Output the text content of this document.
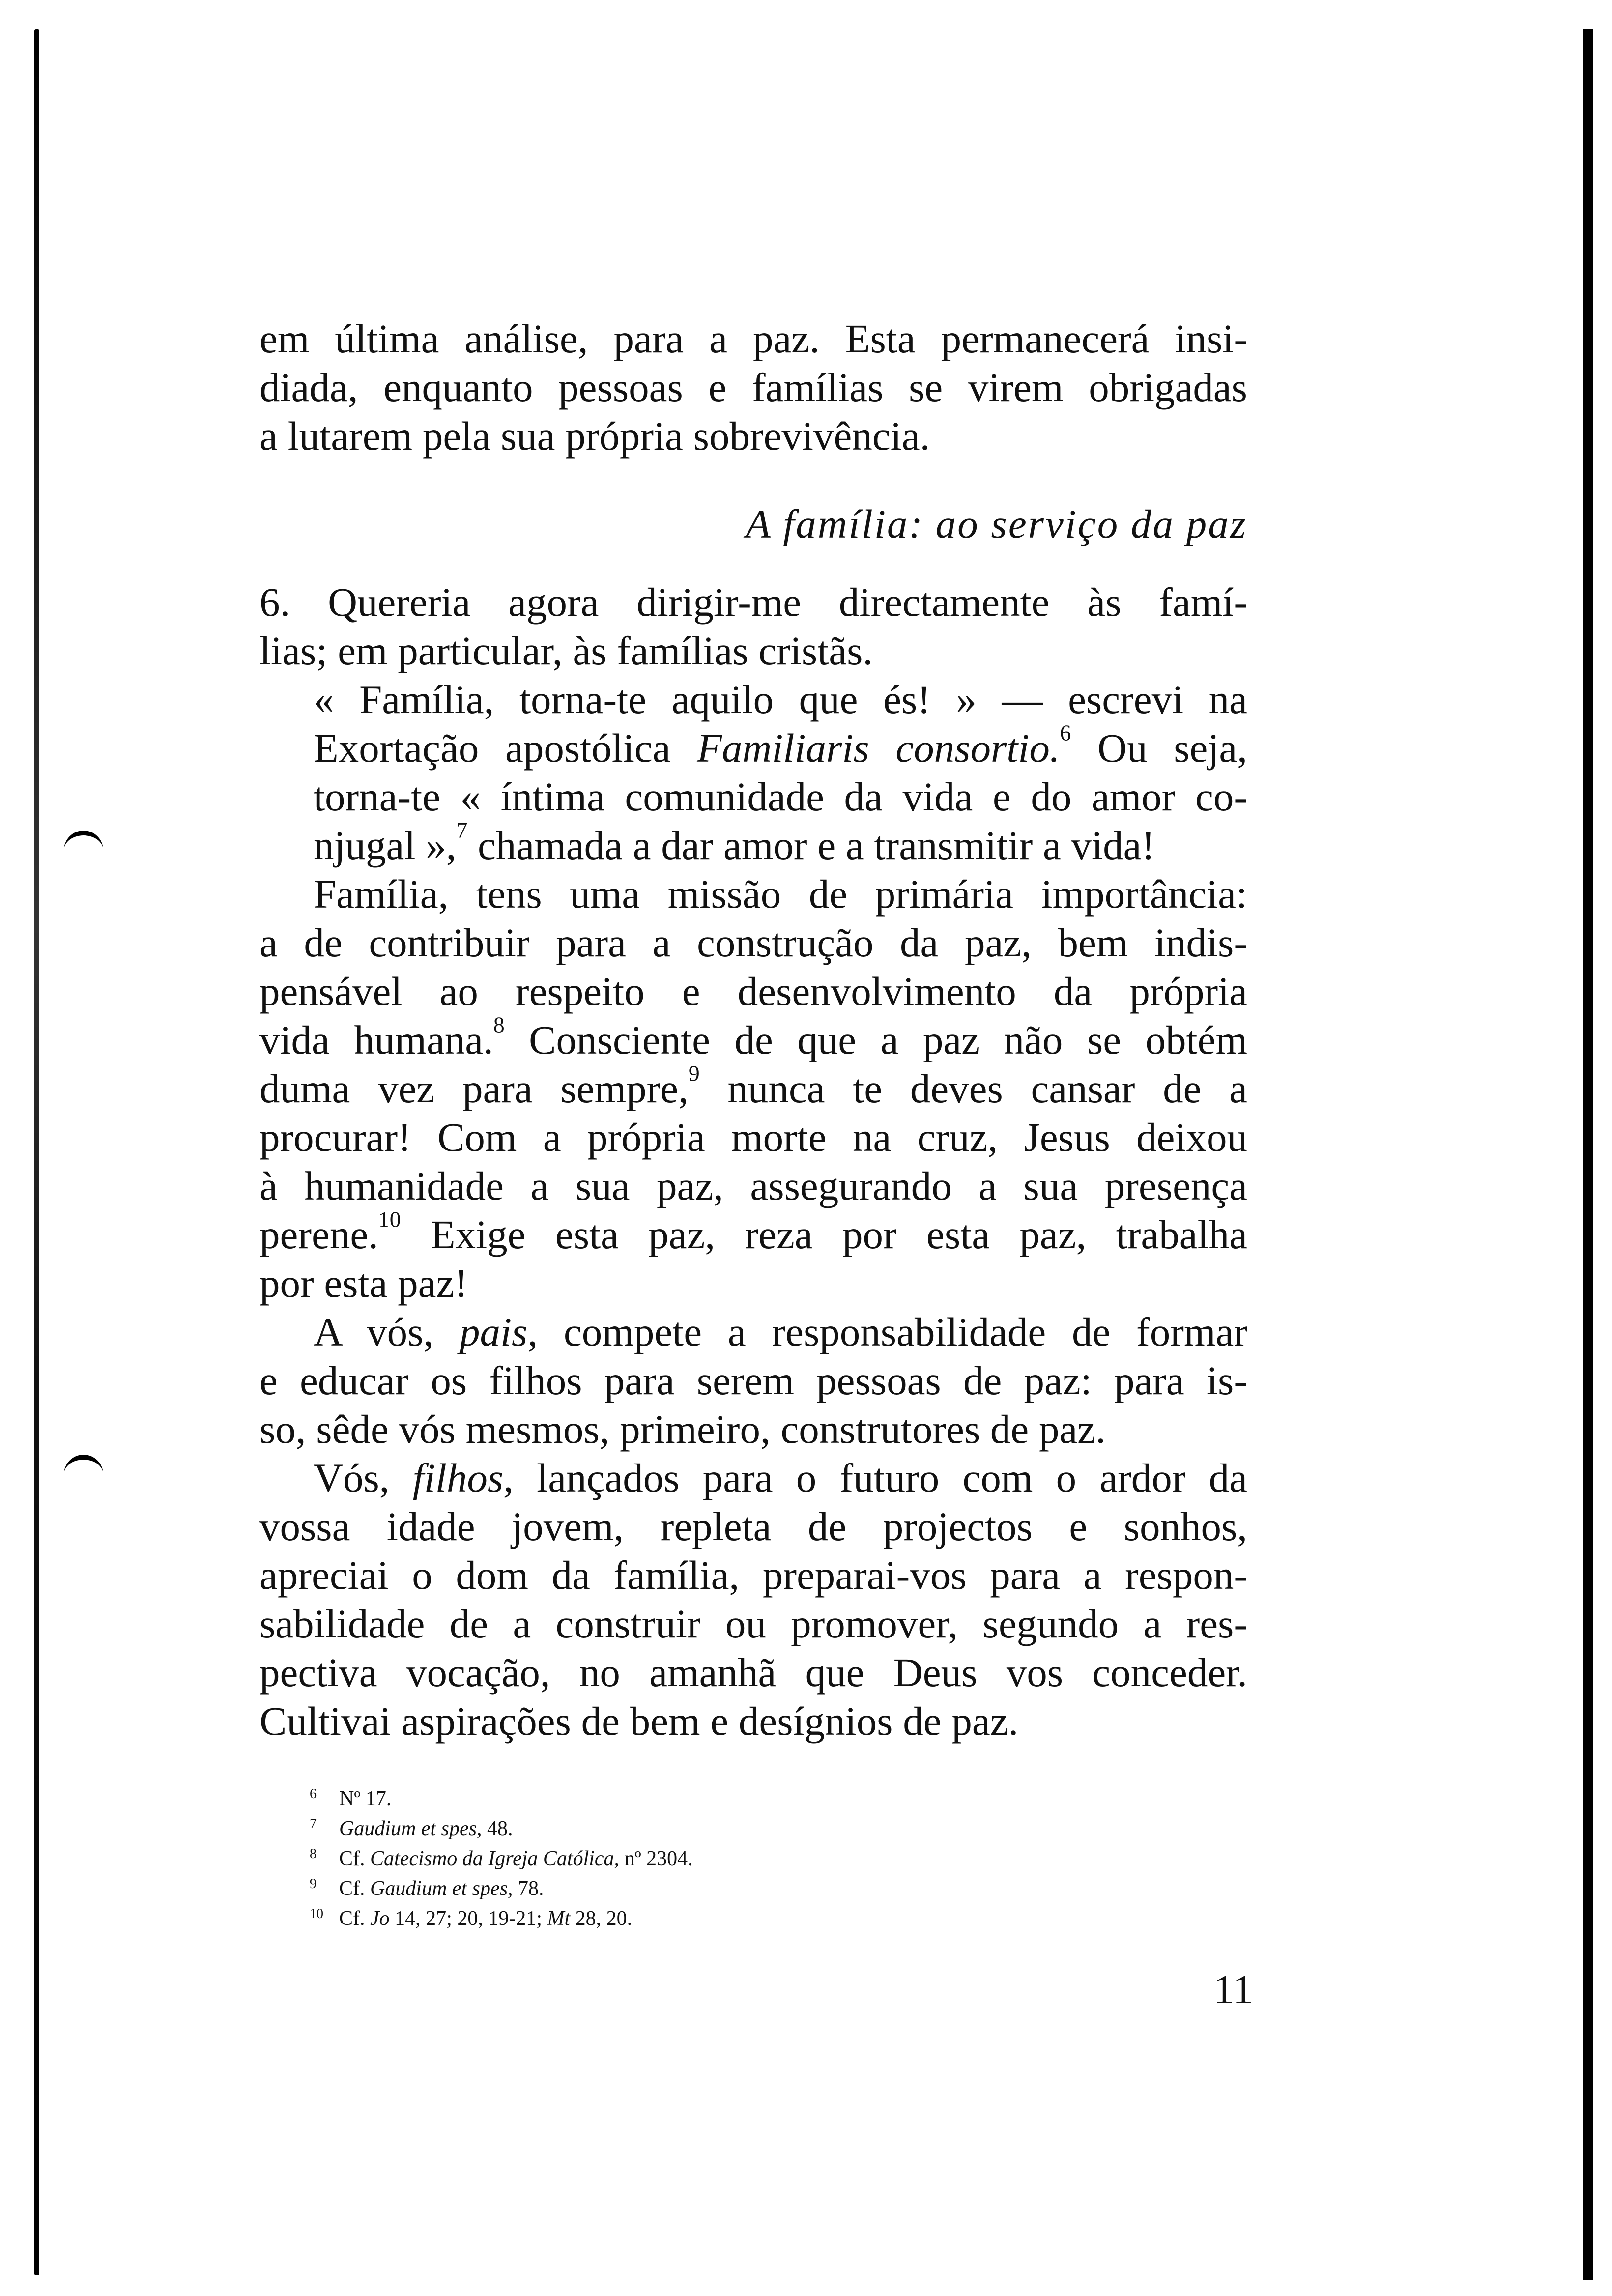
em última análise, para a paz. Esta permanecerá insi-
diada, enquanto pessoas e famílias se virem obrigadas
a lutarem pela sua própria sobrevivência.

A família: ao serviço da paz

6. Quereria agora dirigir-me directamente às famí-
lias; em particular, às famílias cristãs.

« Família, torna-te aquilo que és! » — escrevi na
Exortação apostólica Familiaris consortio.$^6$ Ou seja,
torna-te « íntima comunidade da vida e do amor co-
njugal »,$^7$ chamada a dar amor e a transmitir a vida!

Família, tens uma missão de primária importância:
a de contribuir para a construção da paz, bem indis-
pensável ao respeito e desenvolvimento da própria
vida humana.$^8$ Consciente de que a paz não se obtém
duma vez para sempre,$^9$ nunca te deves cansar de a
procurar! Com a própria morte na cruz, Jesus deixou
à humanidade a sua paz, assegurando a sua presença
perene.$^{10}$ Exige esta paz, reza por esta paz, trabalha
por esta paz!

A vós, pais, compete a responsabilidade de formar
e educar os filhos para serem pessoas de paz: para is-
so, sêde vós mesmos, primeiro, construtores de paz.

Vós, filhos, lançados para o futuro com o ardor da
vossa idade jovem, repleta de projectos e sonhos,
apreciai o dom da família, preparai-vos para a respon-
sabilidade de a construir ou promover, segundo a res-
pectiva vocação, no amanhã que Deus vos conceder.
Cultivai aspirações de bem e desígnios de paz.

6 Nº 17.
7 Gaudium et spes, 48.
8 Cf. Catecismo da Igreja Católica, nº 2304.
9 Cf. Gaudium et spes, 78.
10 Cf. Jo 14, 27; 20, 19-21; Mt 28, 20.
11
